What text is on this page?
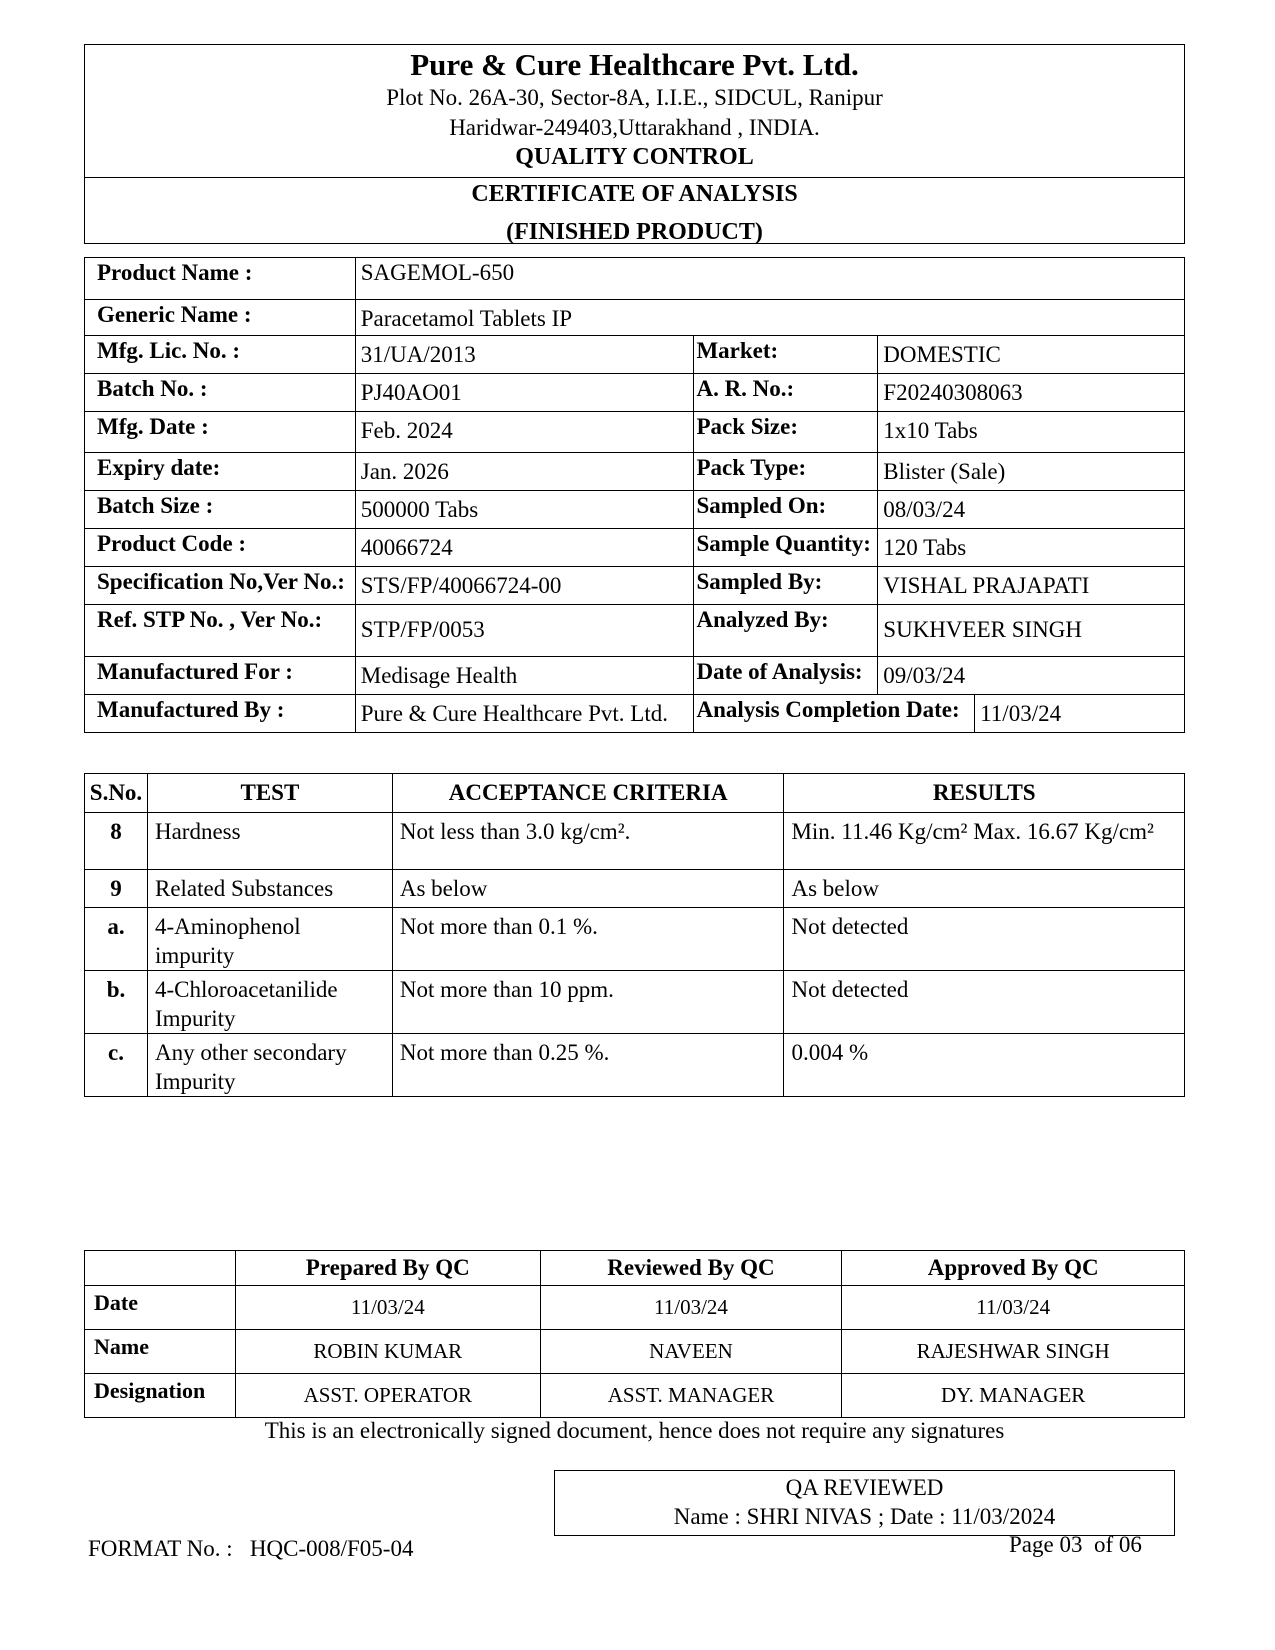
Pure & Cure Healthcare Pvt. Ltd.
Plot No. 26A-30, Sector-8A, I.I.E., SIDCUL, Ranipur
Haridwar-249403,Uttarakhand , INDIA.
QUALITY CONTROL
CERTIFICATE OF ANALYSIS
(FINISHED PRODUCT)
Product Name :	SAGEMOL-650			
Generic Name :	Paracetamol Tablets IP			
Mfg. Lic. No. :	31/UA/2013	Market:	DOMESTIC	
Batch No. :	PJ40AO01	A. R. No.:	F20240308063	
Mfg. Date :	Feb. 2024	Pack Size:	1x10 Tabs	
Expiry date:	Jan. 2026	Pack Type:	Blister (Sale)	
Batch Size :	500000 Tabs	Sampled On:	08/03/24	
Product Code :	40066724	Sample Quantity:	120 Tabs	
Specification No,Ver No.:	STS/FP/40066724-00	Sampled By:	VISHAL PRAJAPATI	
Ref. STP No. , Ver No.:	STP/FP/0053	Analyzed By:	SUKHVEER SINGH	
Manufactured For :	Medisage Health	Date of Analysis:	09/03/24	
Manufactured By :	Pure & Cure Healthcare Pvt. Ltd.	Analysis Completion Date:		11/03/24
S.No.	TEST	ACCEPTANCE CRITERIA	RESULTS
8	Hardness	Not less than 3.0 kg/cm².	Min. 11.46 Kg/cm² Max. 16.67 Kg/cm²
9	Related Substances	As below	As below
a.	4-Aminophenol impurity	Not more than 0.1 %.	Not detected
b.	4-Chloroacetanilide Impurity	Not more than 10 ppm.	Not detected
c.	Any other secondary Impurity	Not more than 0.25 %.	0.004 %
	Prepared By QC	Reviewed By QC	Approved By QC
Date	11/03/24	11/03/24	11/03/24
Name	ROBIN KUMAR	NAVEEN	RAJESHWAR SINGH
Designation	ASST. OPERATOR	ASST. MANAGER	DY. MANAGER
This is an electronically signed document, hence does not require any signatures
QA REVIEWED
Name : SHRI NIVAS ; Date : 11/03/2024
FORMAT No. :   HQC-008/F05-04	Page 03  of 06
